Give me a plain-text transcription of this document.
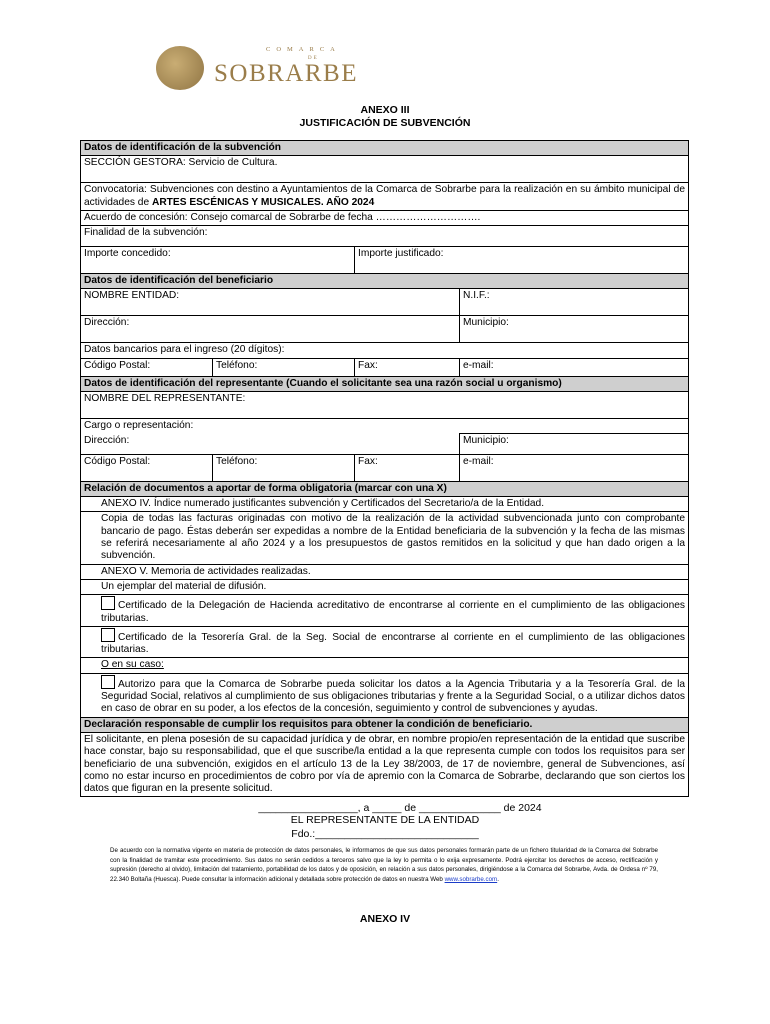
COMARCA
DE
SOBRARBE
ANEXO III
JUSTIFICACIÓN DE SUBVENCIÓN
Datos de identificación de la subvención			
SECCIÓN GESTORA: Servicio de Cultura.			
Convocatoria: Subvenciones con destino a Ayuntamientos de la Comarca de Sobrarbe para la realización en su ámbito municipal de actividades de ARTES ESCÉNICAS Y MUSICALES. AÑO 2024			
Acuerdo de concesión: Consejo comarcal de Sobrarbe de fecha ………………………….			
Finalidad de la subvención:			
Importe concedido:		Importe justificado:	
Datos de identificación del beneficiario			
NOMBRE ENTIDAD:			N.I.F.:
Dirección:			Municipio:
Datos bancarios para el ingreso (20 dígitos):			
Código Postal:	Teléfono:	Fax:	e-mail:
Datos de identificación del representante (Cuando el solicitante sea una razón social u organismo)			
NOMBRE DEL REPRESENTANTE:			
Cargo o representación:			
Dirección:			Municipio:
Código Postal:	Teléfono:	Fax:	e-mail:
Relación de documentos a aportar de forma obligatoria (marcar con una X)			
ANEXO IV. Índice numerado justificantes subvención y Certificados del Secretario/a de la Entidad.			
Copia de todas las facturas originadas con motivo de la realización de la actividad subvencionada junto con comprobante bancario de pago. Éstas deberán ser expedidas a nombre de la Entidad beneficiaria de la subvención y la fecha de las mismas se referirá necesariamente al año 2024 y a los presupuestos de gastos remitidos en la solicitud y que han dado origen a la subvención.			
ANEXO V. Memoria de actividades realizadas.			
Un ejemplar del material de difusión.			
Certificado de la Delegación de Hacienda acreditativo de encontrarse al corriente en el cumplimiento de las obligaciones tributarias.			
Certificado de la Tesorería Gral. de la Seg. Social de encontrarse al corriente en el cumplimiento de las obligaciones tributarias.			
O en su caso:			
Autorizo para que la Comarca de Sobrarbe pueda solicitar los datos a la Agencia Tributaria y a la Tesorería Gral. de la Seguridad Social, relativos al cumplimiento de sus obligaciones tributarias y frente a la Seguridad Social, o a utilizar dichos datos en caso de obrar en su poder, a los efectos de la concesión, seguimiento y control de subvenciones y ayudas.			
Declaración responsable de cumplir los requisitos para obtener la condición de beneficiario.			
El solicitante, en plena posesión de su capacidad jurídica y de obrar, en nombre propio/en representación de la entidad que suscribe hace constar, bajo su responsabilidad, que el que suscribe/la entidad a la que representa cumple con todos los requisitos para ser beneficiario de una subvención, exigidos en el artículo 13 de la Ley 38/2003, de 17 de noviembre, general de Subvenciones, así como no estar incurso en procedimientos de cobro por vía de apremio con la Comarca de Sobrarbe, declarando que son ciertos los datos que figuran en la presente solicitud.			
_________________, a _____ de ______________ de 2024
EL REPRESENTANTE DE LA ENTIDAD
Fdo.:____________________________
De acuerdo con la normativa vigente en materia de protección de datos personales, le informamos de que sus datos personales formarán parte de un fichero titularidad de la Comarca del Sobrarbe con la finalidad de tramitar este procedimiento. Sus datos no serán cedidos a terceros salvo que la ley lo permita o lo exija expresamente. Podrá ejercitar los derechos de acceso, rectificación y supresión (derecho al olvido), limitación del tratamiento, portabilidad de los datos y de oposición, en relación a sus datos personales, dirigiéndose a la Comarca del Sobrarbe, Avda. de Ordesa nº 79, 22.340 Boltaña (Huesca). Puede consultar la información adicional y detallada sobre protección de datos en nuestra Web www.sobrarbe.com.
ANEXO IV
